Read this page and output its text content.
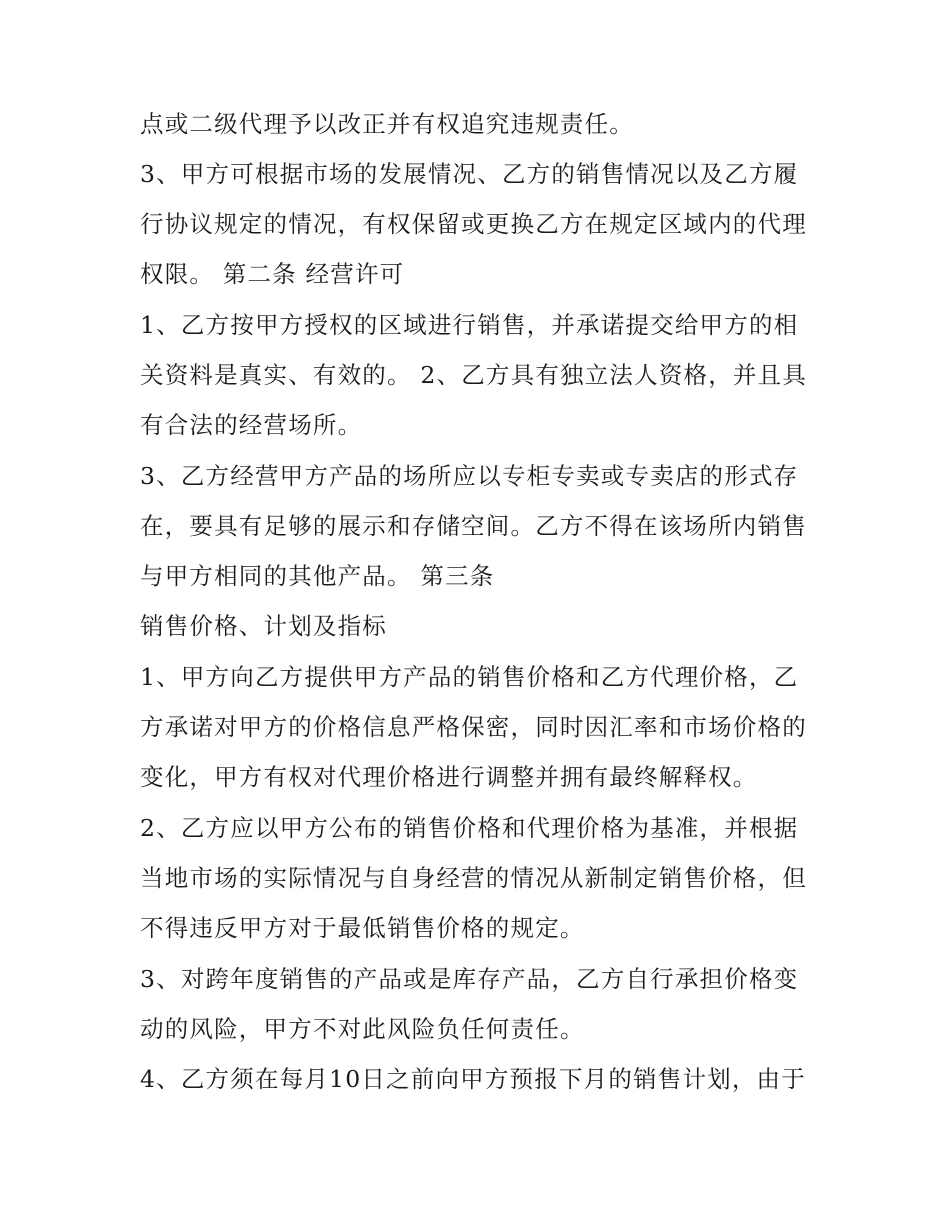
点或二级代理予以改正并有权追究违规责任。
3、甲方可根据市场的发展情况、乙方的销售情况以及乙方履
行协议规定的情况，有权保留或更换乙方在规定区域内的代理
权限。 第二条 经营许可
1、乙方按甲方授权的区域进行销售，并承诺提交给甲方的相
关资料是真实、有效的。 2、乙方具有独立法人资格，并且具
有合法的经营场所。
3、乙方经营甲方产品的场所应以专柜专卖或专卖店的形式存
在，要具有足够的展示和存储空间。乙方不得在该场所内销售
与甲方相同的其他产品。 第三条
销售价格、计划及指标
1、甲方向乙方提供甲方产品的销售价格和乙方代理价格，乙
方承诺对甲方的价格信息严格保密，同时因汇率和市场价格的
变化，甲方有权对代理价格进行调整并拥有最终解释权。
2、乙方应以甲方公布的销售价格和代理价格为基准，并根据
当地市场的实际情况与自身经营的情况从新制定销售价格，但
不得违反甲方对于最低销售价格的规定。
3、对跨年度销售的产品或是库存产品，乙方自行承担价格变
动的风险，甲方不对此风险负任何责任。
4、乙方须在每月10日之前向甲方预报下月的销售计划，由于
